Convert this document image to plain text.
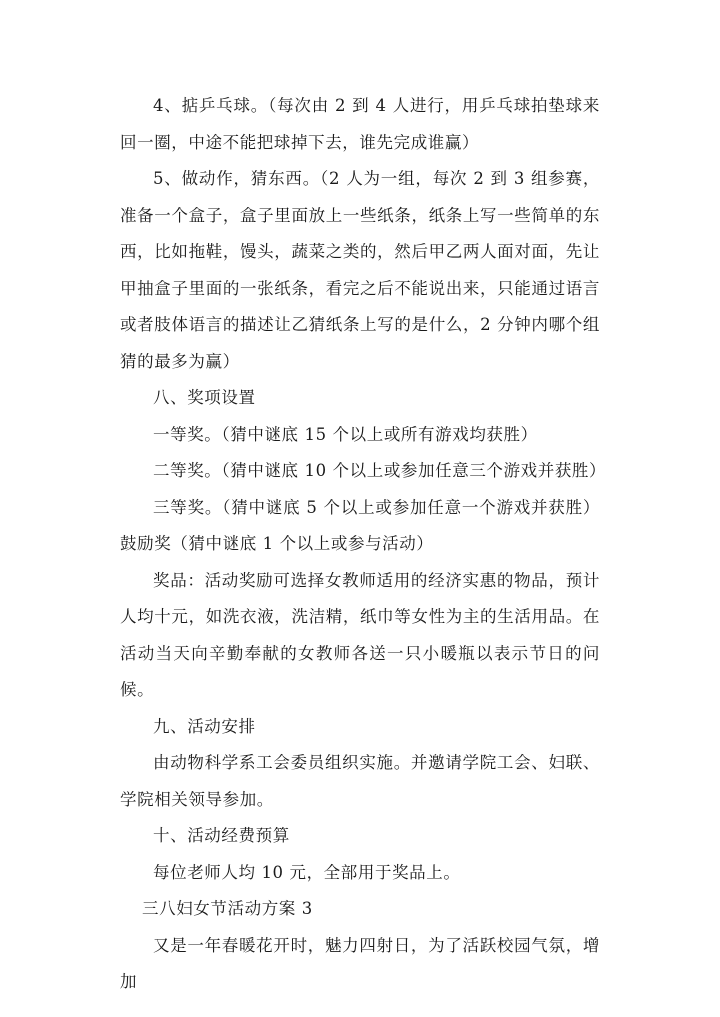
4、掂乒乓球。（每次由 2 到 4 人进行，用乒乓球拍垫球来回一圈，中途不能把球掉下去，谁先完成谁赢）

5、做动作，猜东西。（2 人为一组，每次 2 到 3 组参赛，准备一个盒子，盒子里面放上一些纸条，纸条上写一些简单的东西，比如拖鞋，馒头，蔬菜之类的，然后甲乙两人面对面，先让甲抽盒子里面的一张纸条，看完之后不能说出来，只能通过语言或者肢体语言的描述让乙猜纸条上写的是什么，2 分钟内哪个组猜的最多为赢）

八、奖项设置

一等奖。（猜中谜底 15 个以上或所有游戏均获胜）

二等奖。（猜中谜底 10 个以上或参加任意三个游戏并获胜）

三等奖。（猜中谜底 5 个以上或参加任意一个游戏并获胜）鼓励奖（猜中谜底 1 个以上或参与活动）

奖品：活动奖励可选择女教师适用的经济实惠的物品，预计人均十元，如洗衣液，洗洁精，纸巾等女性为主的生活用品。在活动当天向辛勤奉献的女教师各送一只小暖瓶以表示节日的问候。

九、活动安排

由动物科学系工会委员组织实施。并邀请学院工会、妇联、学院相关领导参加。

十、活动经费预算

每位老师人均 10 元，全部用于奖品上。

三八妇女节活动方案 3

又是一年春暖花开时，魅力四射日，为了活跃校园气氛，增加
